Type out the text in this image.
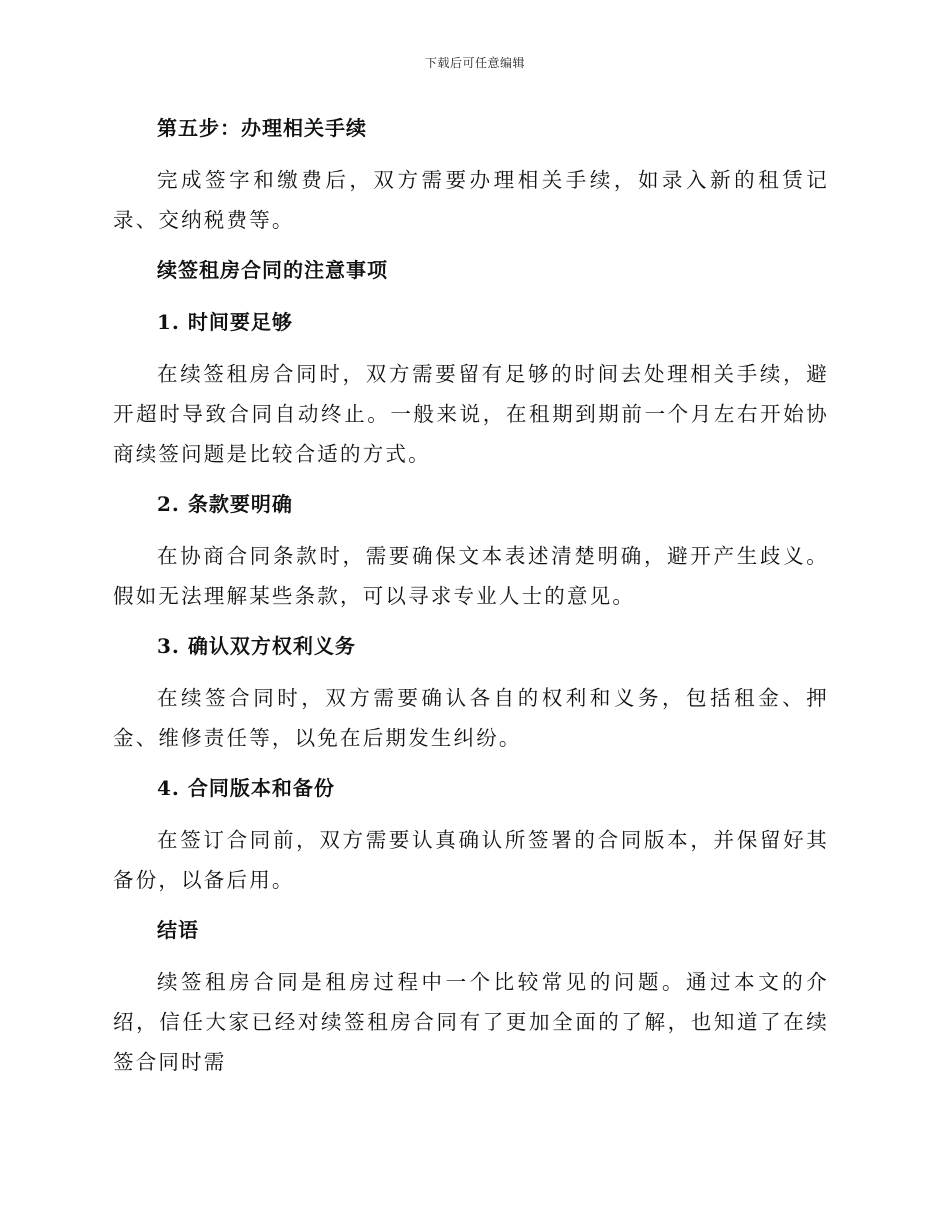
下载后可任意编辑
第五步：办理相关手续

完成签字和缴费后，双方需要办理相关手续，如录入新的租赁记录、交纳税费等。

续签租房合同的注意事项
1. 时间要足够

在续签租房合同时，双方需要留有足够的时间去处理相关手续，避开超时导致合同自动终止。一般来说，在租期到期前一个月左右开始协商续签问题是比较合适的方式。

2. 条款要明确

在协商合同条款时，需要确保文本表述清楚明确，避开产生歧义。假如无法理解某些条款，可以寻求专业人士的意见。

3. 确认双方权利义务

在续签合同时，双方需要确认各自的权利和义务，包括租金、押金、维修责任等，以免在后期发生纠纷。

4. 合同版本和备份

在签订合同前，双方需要认真确认所签署的合同版本，并保留好其备份，以备后用。

结语

续签租房合同是租房过程中一个比较常见的问题。通过本文的介绍，信任大家已经对续签租房合同有了更加全面的了解，也知道了在续签合同时需
